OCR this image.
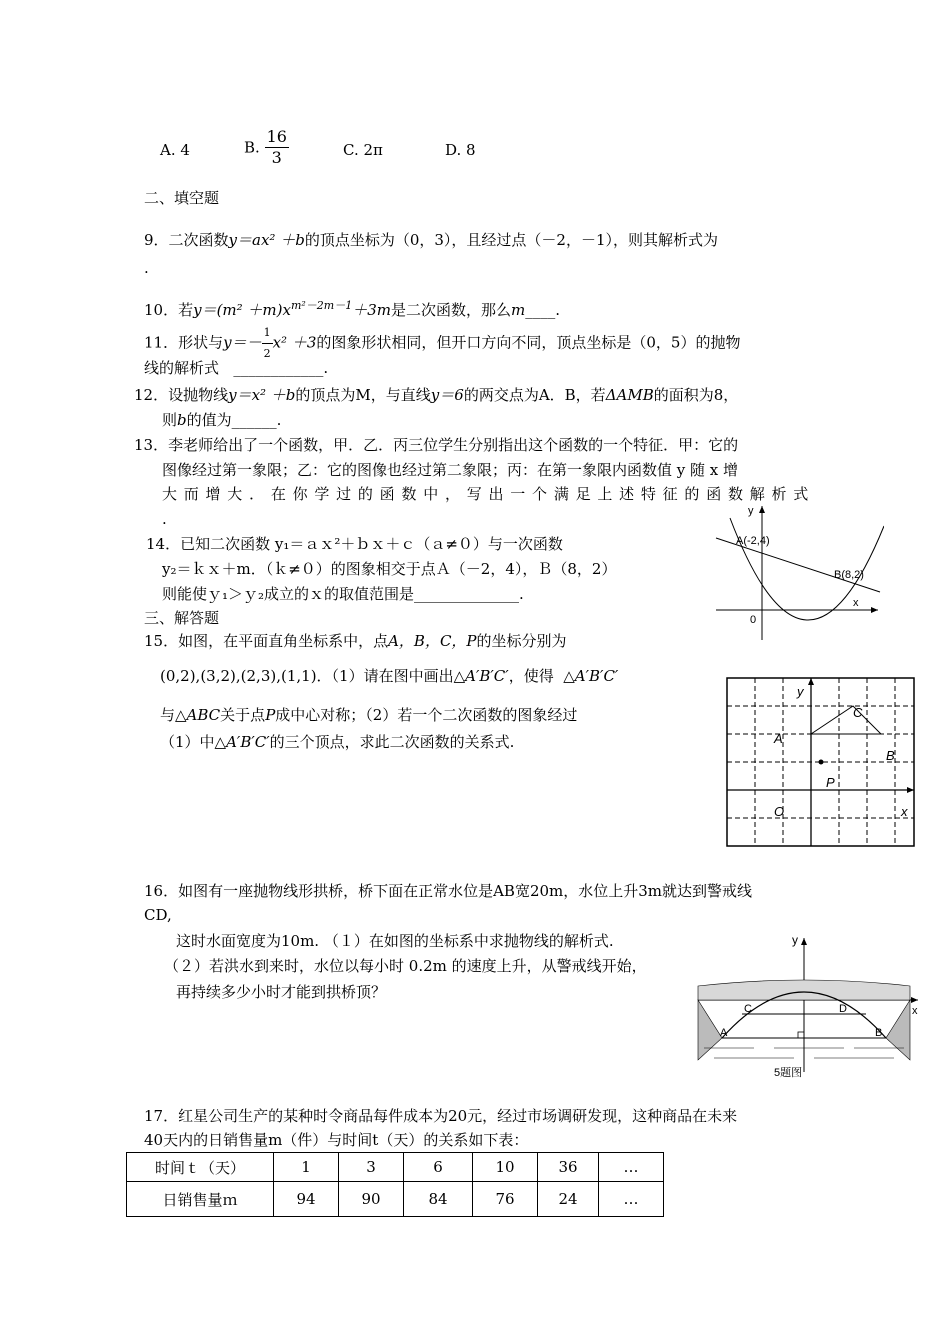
A. 4	B. $\frac{16}{3}$	C. 2π	D. 8
二、填空题
9．二次函数y＝ax² ＋b的顶点坐标为（0，3），且经过点（－2，－1），则其解析式为
.
10．若$y=(m^2 +m)x^{m^2-2m-1}+3m$是二次函数，那么m____.
11．形状与$y=- \frac{1}{2} x^2 +3$的图象形状相同，但开口方向不同，顶点坐标是（0，5）的抛物
线的解析式 ____________.
12．设抛物线y＝x² ＋b的顶点为M，与直线y＝6的两交点为A．B，若ΔAMB的面积为8，
则b的值为______.
13．李老师给出了一个函数，甲．乙．丙三位学生分别指出这个函数的一个特征．甲：它的
图像经过第一象限；乙：它的图像也经过第二象限；丙：在第一象限内函数值 y 随 x 增
大 而 增 大 ． 在 你 学 过 的 函 数 中 ， 写 出 一 个 满 足 上 述 特 征 的 函 数 解 析 式
.
14．已知二次函数 y₁＝ａｘ²＋ｂｘ＋ｃ（ａ≠０）与一次函数
y₂＝ｋｘ＋m．（ｋ≠０）的图象相交于点Ａ（－2，4），Ｂ（8，2）
则能使ｙ₁＞ｙ₂成立的ｘ的取值范围是______________.
y
x
0
A(-2,4)
B(8,2)
三、解答题
15．如图，在平面直角坐标系中，点A，B，C，P的坐标分别为
(0,2),(3,2),(2,3),(1,1)．（1）请在图中画出△A′B′C′，使得 △A′B′C′
与△ABC关于点P成中心对称；（2）若一个二次函数的图象经过
（1）中△A′B′C′的三个顶点，求此二次函数的关系式.
y
x
O
A
B
C
P
16．如图有一座抛物线形拱桥，桥下面在正常水位是AB宽20m，水位上升3m就达到警戒线
CD,
这时水面宽度为10m. （１）在如图的坐标系中求抛物线的解析式.
（２）若洪水到来时，水位以每小时 0.2m 的速度上升，从警戒线开始，
再持续多少小时才能到拱桥顶？
y
x
A	B
C	D
5题图
17．红星公司生产的某种时令商品每件成本为20元，经过市场调研发现，这种商品在未来
40天内的日销售量m（件）与时间t（天）的关系如下表：
时间ｔ（天）	1	3	6	10	36	…
日销售量ｍ	94	90	84	76	24	…
